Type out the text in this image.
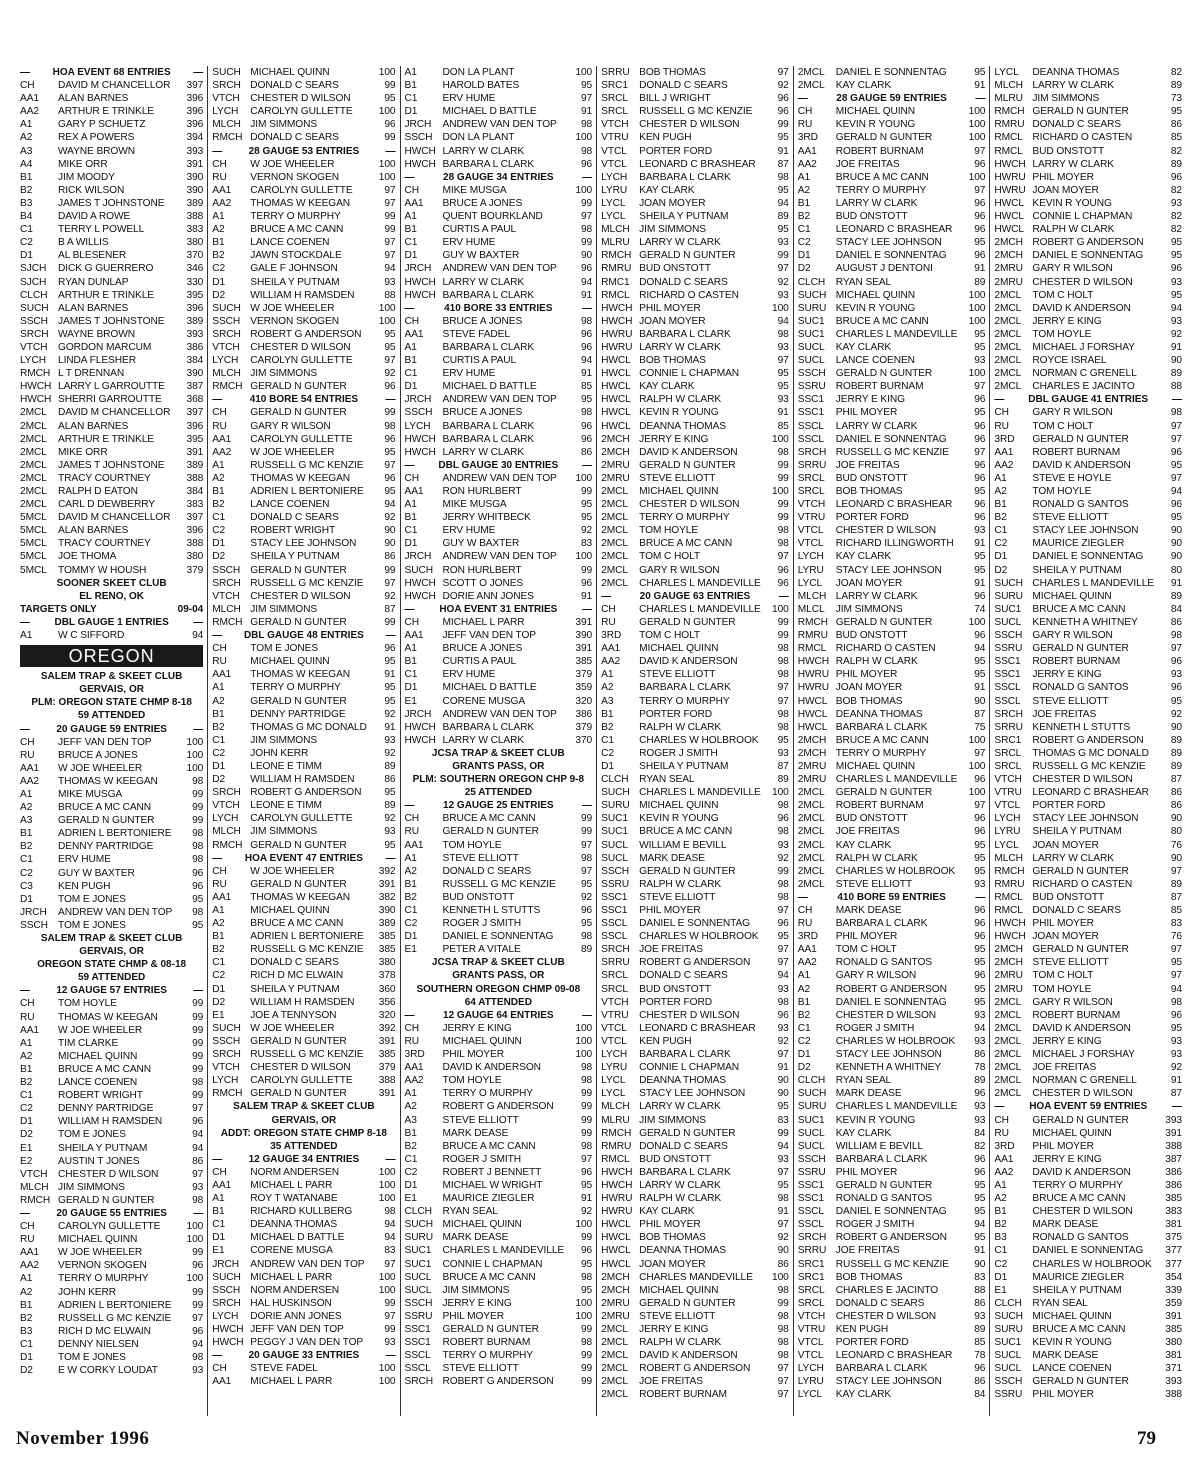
—	HOA EVENT 68 ENTRIES	—
CH	DAVID M CHANCELLOR	397
AA1	ALAN BARNES	396
AA2	ARTHUR E TRINKLE	396
A1	GARY P SCHUETZ	396
A2	REX A POWERS	394
A3	WAYNE BROWN	393
A4	MIKE ORR	391
B1	JIM MOODY	390
B2	RICK WILSON	390
B3	JAMES T JOHNSTONE	389
B4	DAVID A ROWE	388
C1	TERRY L POWELL	383
C2	B A WILLIS	380
D1	AL BLESENER	370
SJCH	DICK G GUERRERO	346
SJCH	RYAN DUNLAP	330
CLCH	ARTHUR E TRINKLE	395
SUCH ALAN BARNES	396
SSCH JAMES T JOHNSTONE	389
SRCH WAYNE BROWN	393
VTCH	GORDON MARCUM	386
LYCH	LINDA FLESHER	384
RMCH L T DRENNAN	390
HWCH LARRY L GARROUTTE	387
HWCH SHERRI GARROUTTE	368
2MCL	DAVID M CHANCELLOR	397
2MCL	ALAN BARNES	396
2MCL	ARTHUR E TRINKLE	395
2MCL	MIKE ORR	391
2MCL	JAMES T JOHNSTONE	389
2MCL	TRACY COURTNEY	388
2MCL	RALPH D EATON	384
2MCL	CARL D DEWBERRY	383
5MCL	DAVID M CHANCELLOR	397
5MCL	ALAN BARNES	396
5MCL	TRACY COURTNEY	388
5MCL	JOE THOMA	380
5MCL	TOMMY W HOUSH	379
SOONER SKEET CLUB
EL RENO, OK
TARGETS ONLY	09-04
—	DBL GAUGE 1 ENTRIES	—
A1	W C SIFFORD	94
OREGON
SALEM TRAP & SKEET CLUB
GERVAIS, OR
PLM: OREGON STATE CHMP 8-18
59 ATTENDED
—	20 GAUGE 59 ENTRIES	—
CH	JEFF VAN DEN TOP	100
RU	BRUCE A JONES	100
AA1	W JOE WHEELER	100
AA2	THOMAS W KEEGAN	98
A1	MIKE MUSGA	99
A2	BRUCE A MC CANN	99
A3	GERALD N GUNTER	99
B1	ADRIEN L BERTONIERE	98
B2	DENNY PARTRIDGE	98
C1	ERV HUME	98
C2	GUY W BAXTER	96
C3	KEN PUGH	96
D1	TOM E JONES	95
JRCH	ANDREW VAN DEN TOP	98
SSCH TOM E JONES	95
SALEM TRAP & SKEET CLUB
GERVAIS, OR
OREGON STATE CHMP & 08-18
59 ATTENDED
—	12 GAUGE 57 ENTRIES	—
CH	TOM HOYLE	99
RU	THOMAS W KEEGAN	99
AA1	W JOE WHEELER	99
A1	TIM CLARKE	99
A2	MICHAEL QUINN	99
B1	BRUCE A MC CANN	99
B2	LANCE COENEN	98
C1	ROBERT WRIGHT	99
C2	DENNY PARTRIDGE	97
D1	WILLIAM H RAMSDEN	96
D2	TOM E JONES	94
E1	SHEILA Y PUTNAM	94
E2	AUSTIN T JONES	86
VTCH	CHESTER D WILSON	97
MLCH JIM SIMMONS	93
RMCH GERALD N GUNTER	98
—	20 GAUGE 55 ENTRIES	—
CH	CAROLYN GULLETTE	100
RU	MICHAEL QUINN	100
AA1	W JOE WHEELER	99
AA2	VERNON SKOGEN	96
A1	TERRY O MURPHY	100
A2	JOHN KERR	99
B1	ADRIEN L BERTONIERE	99
B2	RUSSELL G MC KENZIE	97
B3	RICH D MC ELWAIN	96
C1	DENNY NIELSEN	94
D1	TOM E JONES	98
D2	E W CORKY LOUDAT	93
SUCH MICHAEL QUINN	100
SRCH DONALD C SEARS	99
VTCH	CHESTER D WILSON	95
LYCH	CAROLYN GULLETTE	100
MLCH JIM SIMMONS	96
RMCH DONALD C SEARS	99
—	28 GAUGE 53 ENTRIES	—
CH	W JOE WHEELER	100
RU	VERNON SKOGEN	100
AA1	CAROLYN GULLETTE	97
AA2	THOMAS W KEEGAN	97
A1	TERRY O MURPHY	99
A2	BRUCE A MC CANN	99
B1	LANCE COENEN	97
B2	JAWN STOCKDALE	97
C2	GALE F JOHNSON	94
D1	SHEILA Y PUTNAM	93
D2	WILLIAM H RAMSDEN	88
SUCH W JOE WHEELER	100
SSCH VERNON SKOGEN	100
SRCH ROBERT G ANDERSON	95
VTCH	CHESTER D WILSON	95
LYCH	CAROLYN GULLETTE	97
MLCH JIM SIMMONS	92
RMCH GERALD N GUNTER	96
—	410 BORE 54 ENTRIES	—
CH	GERALD N GUNTER	99
RU	GARY R WILSON	98
AA1	CAROLYN GULLETTE	96
AA2	W JOE WHEELER	95
A1	RUSSELL G MC KENZIE	97
A2	THOMAS W KEEGAN	96
B1	ADRIEN L BERTONIERE	95
B2	LANCE COENEN	94
C1	DONALD C SEARS	92
C2	ROBERT WRIGHT	90
D1	STACY LEE JOHNSON	90
D2	SHEILA Y PUTNAM	86
SSCH GERALD N GUNTER	99
SRCH RUSSELL G MC KENZIE	97
VTCH	CHESTER D WILSON	92
MLCH JIM SIMMONS	87
RMCH GERALD N GUNTER	99
—	DBL GAUGE 48 ENTRIES	—
CH	TOM E JONES	96
RU	MICHAEL QUINN	95
AA1	THOMAS W KEEGAN	91
A1	TERRY O MURPHY	95
A2	GERALD N GUNTER	95
B1	DENNY PARTRIDGE	92
B2	THOMAS G MC DONALD	91
C1	JIM SIMMONS	93
C2	JOHN KERR	92
D1	LEONE E TIMM	89
D2	WILLIAM H RAMSDEN	86
SRCH ROBERT G ANDERSON	95
VTCH	LEONE E TIMM	89
LYCH	CAROLYN GULLETTE	92
MLCH JIM SIMMONS	93
RMCH GERALD N GUNTER	95
—	HOA EVENT 47 ENTRIES	—
CH	W JOE WHEELER	392
RU	GERALD N GUNTER	391
AA1	THOMAS W KEEGAN	382
A1	MICHAEL QUINN	390
A2	BRUCE A MC CANN	389
B1	ADRIEN L BERTONIERE	385
B2	RUSSELL G MC KENZIE	385
C1	DONALD C SEARS	380
C2	RICH D MC ELWAIN	378
D1	SHEILA Y PUTNAM	360
D2	WILLIAM H RAMSDEN	356
E1	JOE A TENNYSON	320
SUCH W JOE WHEELER	392
SSCH GERALD N GUNTER	391
SRCH RUSSELL G MC KENZIE	385
VTCH	CHESTER D WILSON	379
LYCH	CAROLYN GULLETTE	388
RMCH GERALD N GUNTER	391
SALEM TRAP & SKEET CLUB
GERVAIS, OR
ADDT: OREGON STATE CHMP 8-18
35 ATTENDED
—	12 GAUGE 34 ENTRIES	—
CH	NORM ANDERSEN	100
AA1	MICHAEL L PARR	100
A1	ROY T WATANABE	100
B1	RICHARD KULLBERG	98
C1	DEANNA THOMAS	94
D1	MICHAEL D BATTLE	94
E1	CORENE MUSGA	83
JRCH	ANDREW VAN DEN TOP	97
SUCH MICHAEL L PARR	100
SSCH NORM ANDERSEN	100
SRCH HAL HUSKINSON	99
LYCH	DORIE ANN JONES	97
HWCH JEFF VAN DEN TOP	99
HWCH PEGGY J VAN DEN TOP	93
—	20 GAUGE 33 ENTRIES	—
CH	STEVE FADEL	100
AA1	MICHAEL L PARR	100
A1	DON LA PLANT	100
B1	HAROLD BATES	95
C1	ERV HUME	97
D1	MICHAEL D BATTLE	91
JRCH	ANDREW VAN DEN TOP	98
SSCH DON LA PLANT	100
HWCH LARRY W CLARK	98
HWCH BARBARA L CLARK	96
—	28 GAUGE 34 ENTRIES	—
CH	MIKE MUSGA	100
AA1	BRUCE A JONES	99
A1	QUENT BOURKLAND	97
B1	CURTIS A PAUL	98
C1	ERV HUME	99
D1	GUY W BAXTER	90
JRCH	ANDREW VAN DEN TOP	96
HWCH LARRY W CLARK	94
HWCH BARBARA L CLARK	91
—	410 BORE 33 ENTRIES	—
CH	BRUCE A JONES	98
AA1	STEVE FADEL	96
A1	BARBARA L CLARK	96
B1	CURTIS A PAUL	94
C1	ERV HUME	91
D1	MICHAEL D BATTLE	85
JRCH	ANDREW VAN DEN TOP	95
SSCH BRUCE A JONES	98
LYCH	BARBARA L CLARK	96
HWCH BARBARA L CLARK	96
HWCH LARRY W CLARK	86
—	DBL GAUGE 30 ENTRIES	—
CH	ANDREW VAN DEN TOP	100
AA1	RON HURLBERT	99
A1	MIKE MUSGA	95
B1	JERRY WHITBECK	95
C1	ERV HUME	92
D1	GUY W BAXTER	83
JRCH	ANDREW VAN DEN TOP	100
SUCH RON HURLBERT	99
HWCH SCOTT O JONES	96
HWCH DORIE ANN JONES	91
—	HOA EVENT 31 ENTRIES	—
CH	MICHAEL L PARR	391
AA1	JEFF VAN DEN TOP	390
A1	BRUCE A JONES	391
B1	CURTIS A PAUL	385
C1	ERV HUME	379
D1	MICHAEL D BATTLE	359
E1	CORENE MUSGA	320
JRCH	ANDREW VAN DEN TOP	386
HWCH BARBARA L CLARK	379
HWCH LARRY W CLARK	370
JCSA TRAP & SKEET CLUB
GRANTS PASS, OR
PLM: SOUTHERN OREGON CHP 9-8
25 ATTENDED
—	12 GAUGE 25 ENTRIES	—
CH	BRUCE A MC CANN	99
RU	GERALD N GUNTER	99
AA1	TOM HOYLE	97
A1	STEVE ELLIOTT	98
A2	DONALD C SEARS	97
B1	RUSSELL G MC KENZIE	95
B2	BUD ONSTOTT	92
C1	KENNETH L STUTTS	96
C2	ROGER J SMITH	95
D1	DANIEL E SONNENTAG	98
E1	PETER A VITALE	89
JCSA TRAP & SKEET CLUB
GRANTS PASS, OR
SOUTHERN OREGON CHMP 09-08
64 ATTENDED
—	12 GAUGE 64 ENTRIES	—
CH	JERRY E KING	100
RU	MICHAEL QUINN	100
3RD	PHIL MOYER	100
AA1	DAVID K ANDERSON	98
AA2	TOM HOYLE	98
A1	TERRY O MURPHY	99
A2	ROBERT G ANDERSON	99
A3	STEVE ELLIOTT	99
B1	MARK DEASE	99
B2	BRUCE A MC CANN	98
C1	ROGER J SMITH	97
C2	ROBERT J BENNETT	96
D1	MICHAEL W WRIGHT	95
E1	MAURICE ZIEGLER	91
CLCH	RYAN SEAL	92
SUCH MICHAEL QUINN	100
SURU MARK DEASE	99
SUC1	CHARLES L MANDEVILLE	96
SUC1	CONNIE L CHAPMAN	95
SUCL	BRUCE A MC CANN	98
SUCL	JIM SIMMONS	95
SSCH JERRY E KING	100
SSRU PHIL MOYER	100
SSC1	GERALD N GUNTER	99
SSC1	ROBERT BURNAM	98
SSCL	TERRY O MURPHY	99
SSCL	STEVE ELLIOTT	99
SRCH ROBERT G ANDERSON	99
SRRU BOB THOMAS	97
SRC1	DONALD C SEARS	92
SRCL	BILL J WRIGHT	96
SRCL	RUSSELL G MC KENZIE	96
VTCH	CHESTER D WILSON	99
VTRU	KEN PUGH	95
VTCL	PORTER FORD	91
VTCL	LEONARD C BRASHEAR	87
LYCH	BARBARA L CLARK	98
LYRU	KAY CLARK	95
LYCL	JOAN MOYER	94
LYCL	SHEILA Y PUTNAM	89
MLCH JIM SIMMONS	95
MLRU LARRY W CLARK	93
RMCH GERALD N GUNTER	99
RMRU BUD ONSTOTT	97
RMC1 DONALD C SEARS	92
RMCL RICHARD O CASTEN	93
HWCH PHIL MOYER	100
HWCH JOAN MOYER	94
HWRU BARBARA L CLARK	98
HWRU LARRY W CLARK	93
HWCL BOB THOMAS	97
HWCL CONNIE L CHAPMAN	95
HWCL KAY CLARK	95
HWCL RALPH W CLARK	93
HWCL KEVIN R YOUNG	91
HWCL DEANNA THOMAS	85
2MCH JERRY E KING	100
2MCH DAVID K ANDERSON	98
2MRU GERALD N GUNTER	99
2MRU STEVE ELLIOTT	99
2MCL	MICHAEL QUINN	100
2MCL	CHESTER D WILSON	99
2MCL	TERRY O MURPHY	99
2MCL	TOM HOYLE	98
2MCL	BRUCE A MC CANN	98
2MCL	TOM C HOLT	97
2MCL	GARY R WILSON	96
2MCL	CHARLES L MANDEVILLE	96
—	20 GAUGE 63 ENTRIES	—
CH	CHARLES L MANDEVILLE	100
RU	GERALD N GUNTER	99
3RD	TOM C HOLT	99
AA1	MICHAEL QUINN	98
AA2	DAVID K ANDERSON	98
A1	STEVE ELLIOTT	98
A2	BARBARA L CLARK	97
A3	TERRY O MURPHY	97
B1	PORTER FORD	98
B2	RALPH W CLARK	98
C1	CHARLES W HOLBROOK	95
C2	ROGER J SMITH	93
D1	SHEILA Y PUTNAM	87
CLCH	RYAN SEAL	89
SUCH CHARLES L MANDEVILLE	100
SURU MICHAEL QUINN	98
SUC1	KEVIN R YOUNG	96
SUC1	BRUCE A MC CANN	98
SUCL	WILLIAM E BEVILL	93
SUCL	MARK DEASE	92
SSCH GERALD N GUNTER	99
SSRU RALPH W CLARK	98
SSC1	STEVE ELLIOTT	98
SSC1	PHIL MOYER	97
SSCL	DANIEL E SONNENTAG	96
SSCL	CHARLES W HOLBROOK	95
SRCH JOE FREITAS	97
SRRU ROBERT G ANDERSON	97
SRCL	DONALD C SEARS	94
SRCL	BUD ONSTOTT	93
VTCH	PORTER FORD	98
VTRU	CHESTER D WILSON	96
VTCL	LEONARD C BRASHEAR	93
VTCL	KEN PUGH	92
LYCH	BARBARA L CLARK	97
LYRU	CONNIE L CHAPMAN	91
LYCL	DEANNA THOMAS	90
LYCL	STACY LEE JOHNSON	90
MLCH LARRY W CLARK	95
MLRU JIM SIMMONS	83
RMCH GERALD N GUNTER	99
RMRU DONALD C SEARS	94
RMCL BUD ONSTOTT	93
HWCH BARBARA L CLARK	97
HWCH LARRY W CLARK	95
HWRU RALPH W CLARK	98
HWRU KAY CLARK	91
HWCL PHIL MOYER	97
HWCL BOB THOMAS	92
HWCL DEANNA THOMAS	90
HWCL JOAN MOYER	86
2MCH CHARLES MANDEVILLE	100
2MCH MICHAEL QUINN	98
2MRU GERALD N GUNTER	99
2MRU STEVE ELLIOTT	98
2MCL	JERRY E KING	98
2MCL	RALPH W CLARK	98
2MCL	DAVID K ANDERSON	98
2MCL	ROBERT G ANDERSON	97
2MCL	JOE FREITAS	97
2MCL	ROBERT BURNAM	97
2MCL	DANIEL E SONNENTAG	95
2MCL	KAY CLARK	91
—	28 GAUGE 59 ENTRIES	—
CH	MICHAEL QUINN	100
RU	KEVIN R YOUNG	100
3RD	GERALD N GUNTER	100
AA1	ROBERT BURNAM	97
AA2	JOE FREITAS	96
A1	BRUCE A MC CANN	100
A2	TERRY O MURPHY	97
B1	LARRY W CLARK	96
B2	BUD ONSTOTT	96
C1	LEONARD C BRASHEAR	96
C2	STACY LEE JOHNSON	95
D1	DANIEL E SONNENTAG	96
D2	AUGUST J DENTONI	91
CLCH	RYAN SEAL	89
SUCH MICHAEL QUINN	100
SURU KEVIN R YOUNG	100
SUC1	BRUCE A MC CANN	100
SUC1	CHARLES L MANDEVILLE	95
SUCL	KAY CLARK	95
SUCL	LANCE COENEN	93
SSCH GERALD N GUNTER	100
SSRU ROBERT BURNAM	97
SSC1	JERRY E KING	96
SSC1	PHIL MOYER	95
SSCL	LARRY W CLARK	96
SSCL	DANIEL E SONNENTAG	96
SRCH RUSSELL G MC KENZIE	97
SRRU JOE FREITAS	96
SRCL	BUD ONSTOTT	96
SRCL	BOB THOMAS	95
VTCH	LEONARD C BRASHEAR	96
VTRU	PORTER FORD	96
VTCL	CHESTER D WILSON	93
VTCL	RICHARD ILLINGWORTH	91
LYCH	KAY CLARK	95
LYRU	STACY LEE JOHNSON	95
LYCL	JOAN MOYER	91
MLCH LARRY W CLARK	96
MLCL	JIM SIMMONS	74
RMCH GERALD N GUNTER	100
RMRU BUD ONSTOTT	96
RMCL RICHARD O CASTEN	94
HWCH RALPH W CLARK	95
HWRU PHIL MOYER	95
HWRU JOAN MOYER	91
HWCL BOB THOMAS	90
HWCL DEANNA THOMAS	87
HWCL BARBARA L CLARK	75
2MCH BRUCE A MC CANN	100
2MCH TERRY O MURPHY	97
2MRU MICHAEL QUINN	100
2MRU CHARLES L MANDEVILLE	96
2MCL	GERALD N GUNTER	100
2MCL	ROBERT BURNAM	97
2MCL	BUD ONSTOTT	96
2MCL	JOE FREITAS	96
2MCL	KAY CLARK	95
2MCL	RALPH W CLARK	95
2MCL	CHARLES W HOLBROOK	95
2MCL	STEVE ELLIOTT	93
—	410 BORE 59 ENTRIES	—
CH	MARK DEASE	96
RU	BARBARA L CLARK	96
3RD	PHIL MOYER	96
AA1	TOM C HOLT	95
AA2	RONALD G SANTOS	95
A1	GARY R WILSON	96
A2	ROBERT G ANDERSON	95
B1	DANIEL E SONNENTAG	95
B2	CHESTER D WILSON	93
C1	ROGER J SMITH	94
C2	CHARLES W HOLBROOK	93
D1	STACY LEE JOHNSON	86
D2	KENNETH A WHITNEY	78
CLCH	RYAN SEAL	89
SUCH MARK DEASE	96
SURU CHARLES L MANDEVILLE	93
SUC1	KEVIN R YOUNG	93
SUCL	KAY CLARK	84
SUCL	WILLIAM E BEVILL	82
SSCH BARBARA L CLARK	96
SSRU PHIL MOYER	96
SSC1	GERALD N GUNTER	95
SSC1	RONALD G SANTOS	95
SSCL	DANIEL E SONNENTAG	95
SSCL	ROGER J SMITH	94
SRCH ROBERT G ANDERSON	95
SRRU JOE FREITAS	91
SRC1	RUSSELL G MC KENZIE	90
SRC1	BOB THOMAS	83
SRCL	CHARLES E JACINTO	88
SRCL	DONALD C SEARS	86
VTCH	CHESTER D WILSON	93
VTRU	KEN PUGH	89
VTCL	PORTER FORD	85
VTCL	LEONARD C BRASHEAR	78
LYCH	BARBARA L CLARK	96
LYRU	STACY LEE JOHNSON	86
LYCL	KAY CLARK	84
LYCL	DEANNA THOMAS	82
MLCH LARRY W CLARK	89
MLRU JIM SIMMONS	73
RMCH GERALD N GUNTER	95
RMRU DONALD C SEARS	86
RMCL RICHARD O CASTEN	85
RMCL BUD ONSTOTT	82
HWCH LARRY W CLARK	89
HWRU PHIL MOYER	96
HWRU JOAN MOYER	82
HWCL KEVIN R YOUNG	93
HWCL CONNIE L CHAPMAN	82
HWCL RALPH W CLARK	82
2MCH ROBERT G ANDERSON	95
2MCH DANIEL E SONNENTAG	95
2MRU GARY R WILSON	96
2MRU CHESTER D WILSON	93
2MCL	TOM C HOLT	95
2MCL	DAVID K ANDERSON	94
2MCL	JERRY E KING	93
2MCL	TOM HOYLE	92
2MCL	MICHAEL J FORSHAY	91
2MCL	ROYCE ISRAEL	90
2MCL	NORMAN C GRENELL	89
2MCL	CHARLES E JACINTO	88
—	DBL GAUGE 41 ENTRIES	—
CH	GARY R WILSON	98
RU	TOM C HOLT	97
3RD	GERALD N GUNTER	97
AA1	ROBERT BURNAM	96
AA2	DAVID K ANDERSON	95
A1	STEVE E HOYLE	97
A2	TOM HOYLE	94
B1	RONALD G SANTOS	96
B2	STEVE ELLIOTT	95
C1	STACY LEE JOHNSON	90
C2	MAURICE ZIEGLER	90
D1	DANIEL E SONNENTAG	90
D2	SHEILA Y PUTNAM	80
SUCH CHARLES L MANDEVILLE	91
SURU MICHAEL QUINN	89
SUC1	BRUCE A MC CANN	84
SUCL	KENNETH A WHITNEY	86
SSCH GARY R WILSON	98
SSRU GERALD N GUNTER	97
SSC1	ROBERT BURNAM	96
SSC1	JERRY E KING	93
SSCL	RONALD G SANTOS	96
SSCL	STEVE ELLIOTT	95
SRCH JOE FREITAS	92
SRRU KENNETH L STUTTS	90
SRC1	ROBERT G ANDERSON	89
SRCL	THOMAS G MC DONALD	89
SRCL	RUSSELL G MC KENZIE	89
VTCH	CHESTER D WILSON	87
VTRU	LEONARD C BRASHEAR	86
VTCL	PORTER FORD	86
LYCH	STACY LEE JOHNSON	90
LYRU	SHEILA Y PUTNAM	80
LYCL	JOAN MOYER	76
MLCH LARRY W CLARK	90
RMCH GERALD N GUNTER	97
RMRU RICHARD O CASTEN	89
RMCL BUD ONSTOTT	87
RMCL DONALD C SEARS	85
HWCH PHIL MOYER	83
HWCH JOAN MOYER	76
2MCH GERALD N GUNTER	97
2MCH STEVE ELLIOTT	95
2MRU TOM C HOLT	97
2MRU TOM HOYLE	94
2MCL	GARY R WILSON	98
2MCL	ROBERT BURNAM	96
2MCL	DAVID K ANDERSON	95
2MCL	JERRY E KING	93
2MCL	MICHAEL J FORSHAY	93
2MCL	JOE FREITAS	92
2MCL	NORMAN C GRENELL	91
2MCL	CHESTER D WILSON	87
—	HOA EVENT 59 ENTRIES	—
CH	GERALD N GUNTER	393
RU	MICHAEL QUINN	391
3RD	PHIL MOYER	388
AA1	JERRY E KING	387
AA2	DAVID K ANDERSON	386
A1	TERRY O MURPHY	386
A2	BRUCE A MC CANN	385
B1	CHESTER D WILSON	383
B2	MARK DEASE	381
B3	RONALD G SANTOS	375
C1	DANIEL E SONNENTAG	377
C2	CHARLES W HOLBROOK	377
D1	MAURICE ZIEGLER	354
E1	SHEILA Y PUTNAM	339
CLCH	RYAN SEAL	359
SUCH MICHAEL QUINN	391
SURU BRUCE A MC CANN	385
SUC1	KEVIN R YOUNG	380
SUCL	MARK DEASE	381
SUCL	LANCE COENEN	371
SSCH GERALD N GUNTER	393
SSRU PHIL MOYER	388
November 1996	79
